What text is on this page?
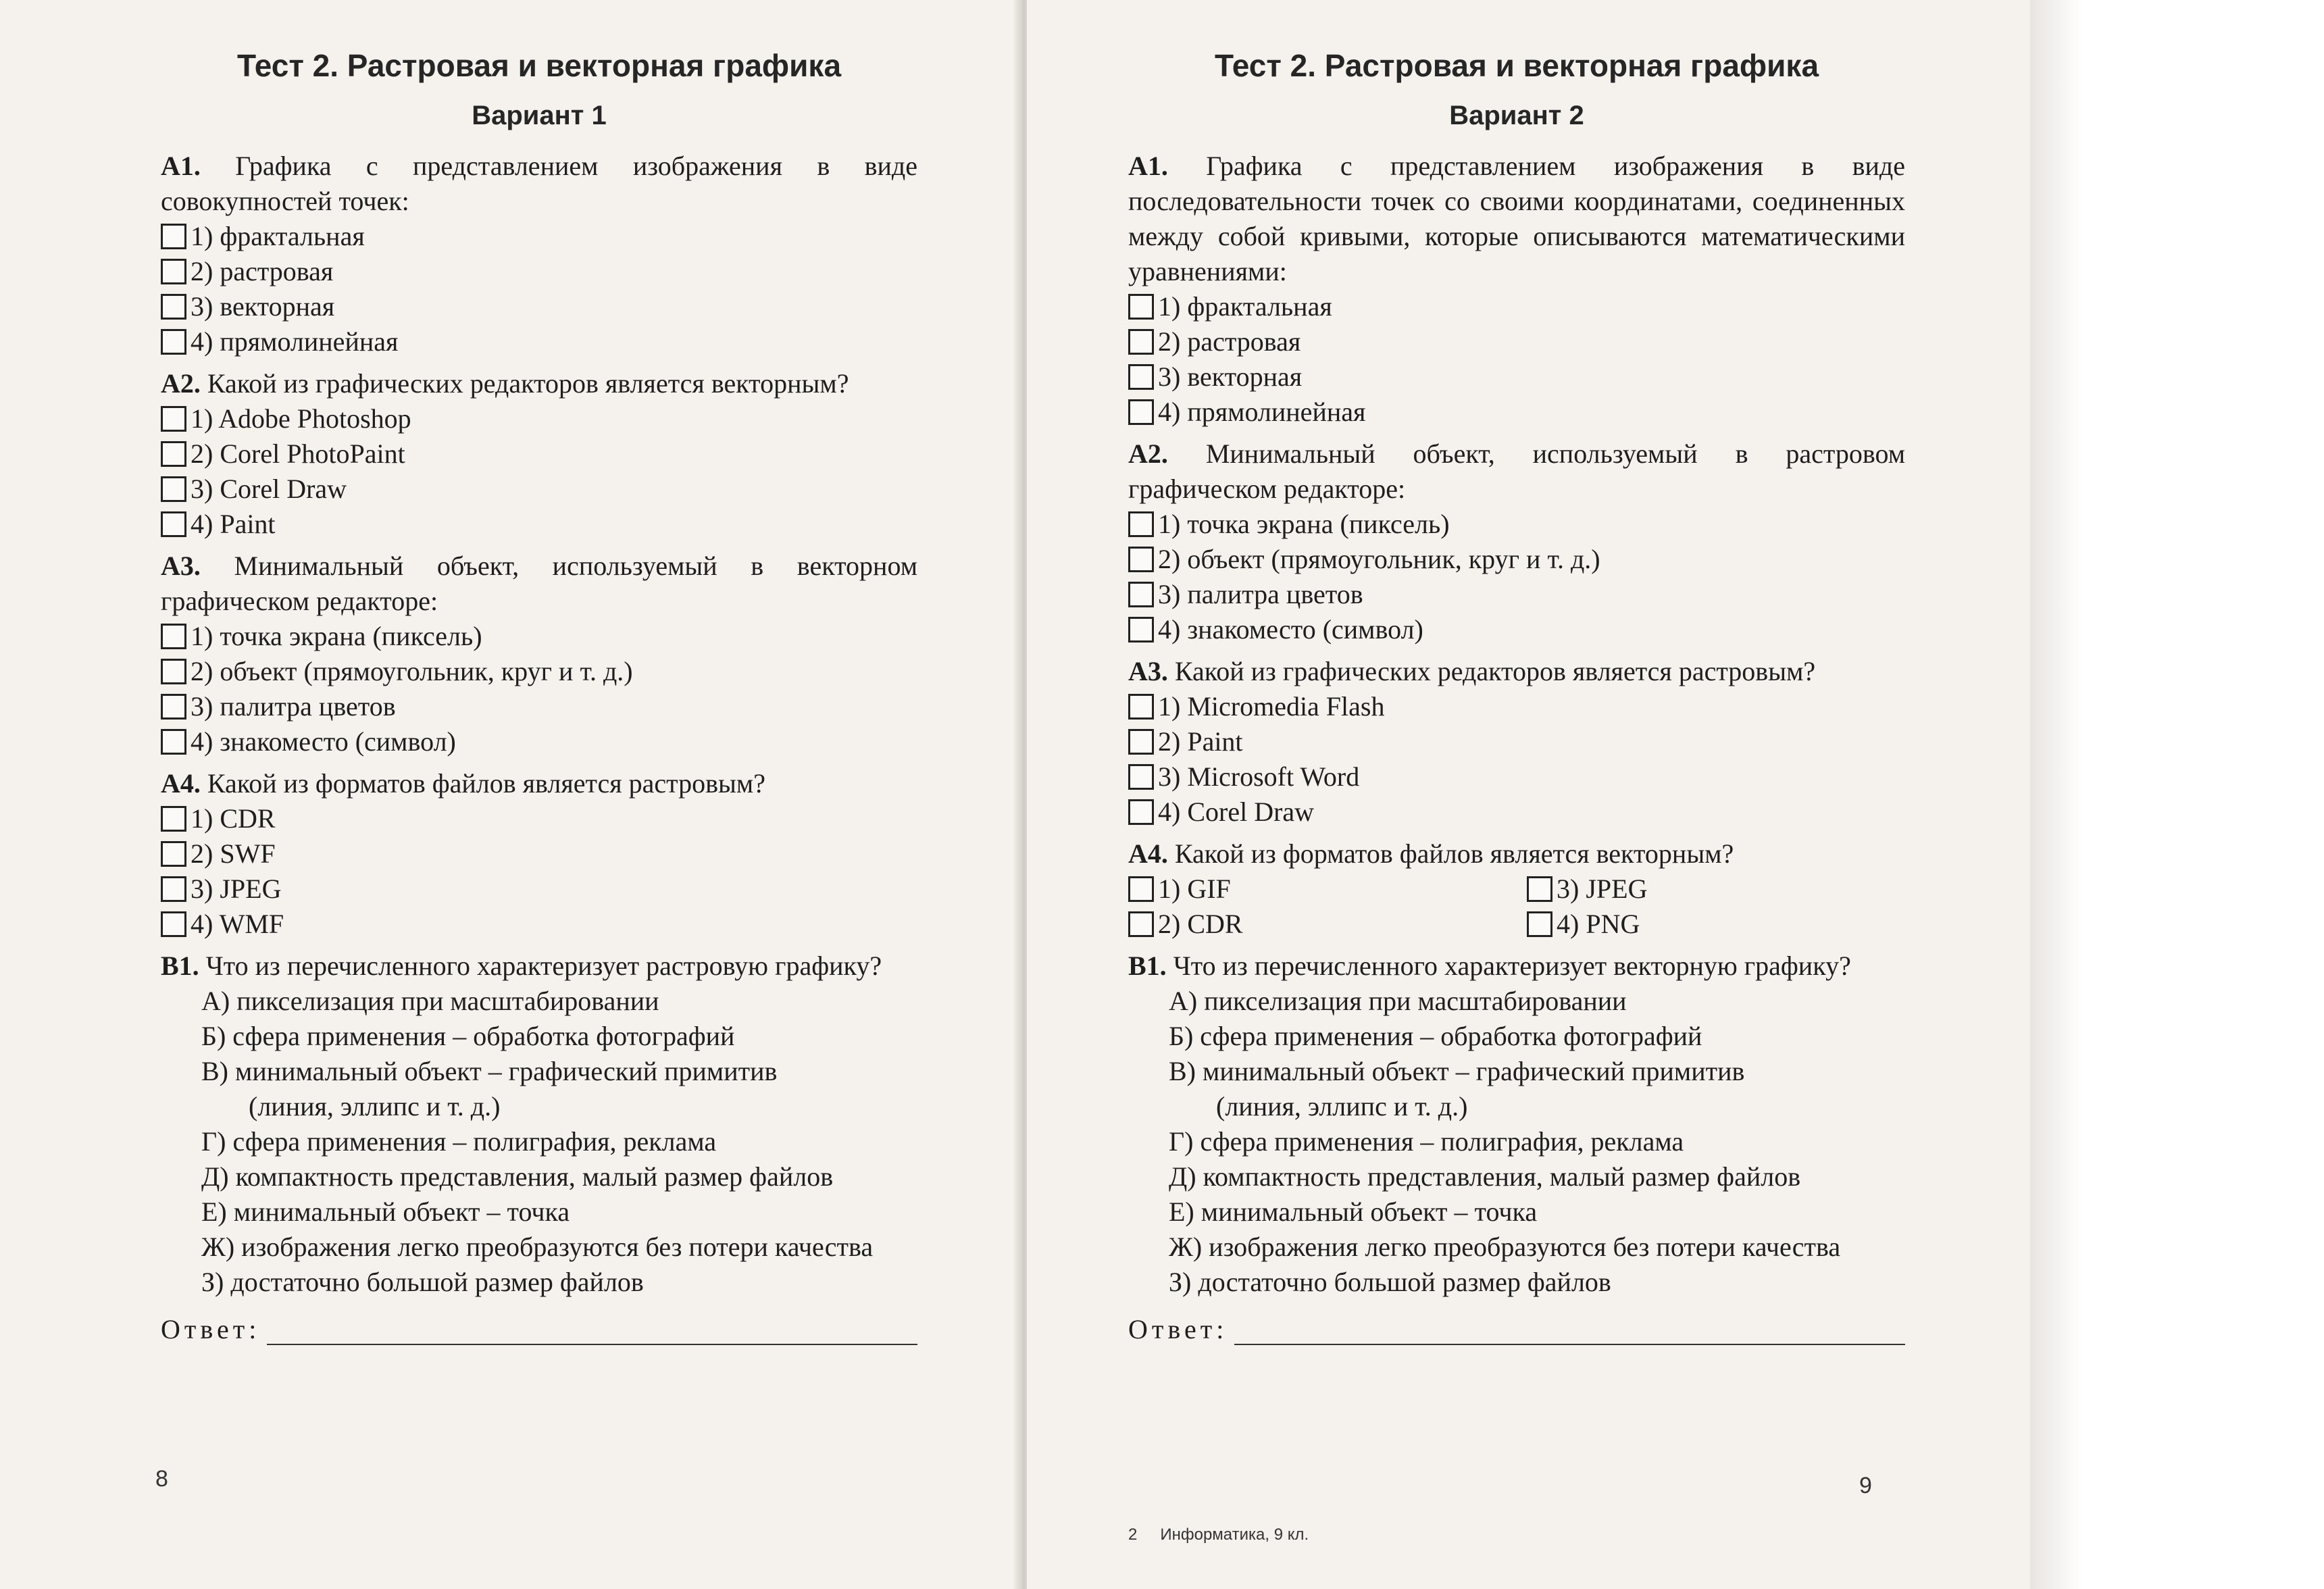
Тест 2. Растровая и векторная графика
Вариант 1

А1. Графика с представлением изображения в виде совокупностей точек:

1) фрактальная
2) растровая
3) векторная
4) прямолинейная

А2. Какой из графических редакторов является векторным?

1) Adobe Photoshop
2) Corel PhotoPaint
3) Corel Draw
4) Paint

А3. Минимальный объект, используемый в векторном графическом редакторе:

1) точка экрана (пиксель)
2) объект (прямоугольник, круг и т. д.)
3) палитра цветов
4) знакоместо (символ)

А4. Какой из форматов файлов является растровым?

1) CDR
2) SWF
3) JPEG
4) WMF

В1. Что из перечисленного характеризует растровую графику?

А) пикселизация при масштабировании
Б) сфера применения – обработка фотографий
В) минимальный объект – графический примитив
(линия, эллипс и т. д.)
Г) сфера применения – полиграфия, реклама
Д) компактность представления, малый размер файлов
Е) минимальный объект – точка
Ж) изображения легко преобразуются без потери качества
З) достаточно большой размер файлов
Ответ:
8
Тест 2. Растровая и векторная графика
Вариант 2

А1. Графика с представлением изображения в виде последовательности точек со своими координатами, соединенных между собой кривыми, которые описываются математическими уравнениями:

1) фрактальная
2) растровая
3) векторная
4) прямолинейная

А2. Минимальный объект, используемый в растровом графическом редакторе:

1) точка экрана (пиксель)
2) объект (прямоугольник, круг и т. д.)
3) палитра цветов
4) знакоместо (символ)

А3. Какой из графических редакторов является растровым?

1) Micromedia Flash
2) Paint
3) Microsoft Word
4) Corel Draw

А4. Какой из форматов файлов является векторным?

1) GIF	3) JPEG
2) CDR	4) PNG

В1. Что из перечисленного характеризует векторную графику?

А) пикселизация при масштабировании
Б) сфера применения – обработка фотографий
В) минимальный объект – графический примитив
(линия, эллипс и т. д.)
Г) сфера применения – полиграфия, реклама
Д) компактность представления, малый размер файлов
Е) минимальный объект – точка
Ж) изображения легко преобразуются без потери качества
З) достаточно большой размер файлов
Ответ:
9
2 Информатика, 9 кл.
